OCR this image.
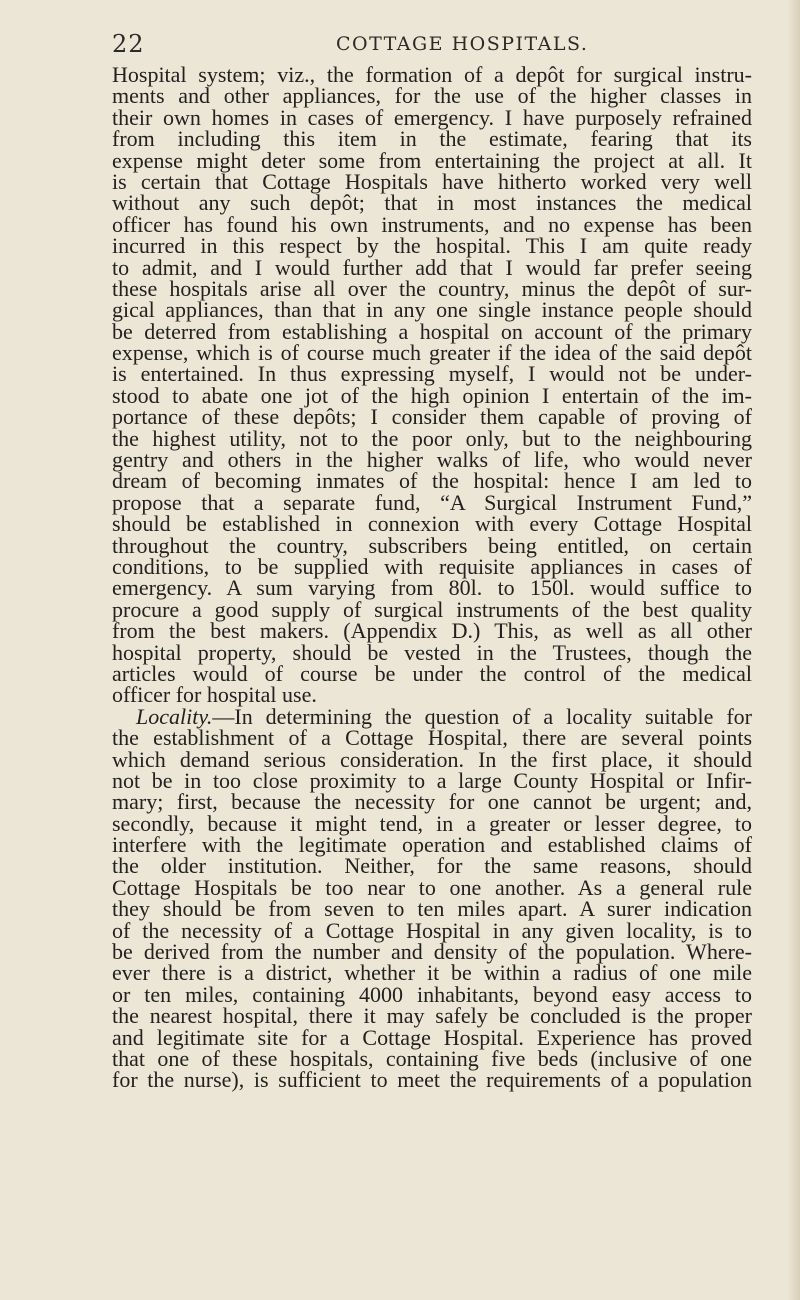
22	COTTAGE HOSPITALS.
Hospital system; viz., the formation of a depôt for surgical instru-
ments and other appliances, for the use of the higher classes in
their own homes in cases of emergency. I have purposely refrained
from including this item in the estimate, fearing that its
expense might deter some from entertaining the project at all. It
is certain that Cottage Hospitals have hitherto worked very well
without any such depôt; that in most instances the medical
officer has found his own instruments, and no expense has been
incurred in this respect by the hospital. This I am quite ready
to admit, and I would further add that I would far prefer seeing
these hospitals arise all over the country, minus the depôt of sur-
gical appliances, than that in any one single instance people should
be deterred from establishing a hospital on account of the primary
expense, which is of course much greater if the idea of the said depôt
is entertained. In thus expressing myself, I would not be under-
stood to abate one jot of the high opinion I entertain of the im-
portance of these depôts; I consider them capable of proving of
the highest utility, not to the poor only, but to the neighbouring
gentry and others in the higher walks of life, who would never
dream of becoming inmates of the hospital: hence I am led to
propose that a separate fund, “A Surgical Instrument Fund,”
should be established in connexion with every Cottage Hospital
throughout the country, subscribers being entitled, on certain
conditions, to be supplied with requisite appliances in cases of
emergency. A sum varying from 80l. to 150l. would suffice to
procure a good supply of surgical instruments of the best quality
from the best makers. (Appendix D.) This, as well as all other
hospital property, should be vested in the Trustees, though the
articles would of course be under the control of the medical
officer for hospital use.
Locality.—In determining the question of a locality suitable for
the establishment of a Cottage Hospital, there are several points
which demand serious consideration. In the first place, it should
not be in too close proximity to a large County Hospital or Infir-
mary; first, because the necessity for one cannot be urgent; and,
secondly, because it might tend, in a greater or lesser degree, to
interfere with the legitimate operation and established claims of
the older institution. Neither, for the same reasons, should
Cottage Hospitals be too near to one another. As a general rule
they should be from seven to ten miles apart. A surer indication
of the necessity of a Cottage Hospital in any given locality, is to
be derived from the number and density of the population. Where-
ever there is a district, whether it be within a radius of one mile
or ten miles, containing 4000 inhabitants, beyond easy access to
the nearest hospital, there it may safely be concluded is the proper
and legitimate site for a Cottage Hospital. Experience has proved
that one of these hospitals, containing five beds (inclusive of one
for the nurse), is sufficient to meet the requirements of a population
